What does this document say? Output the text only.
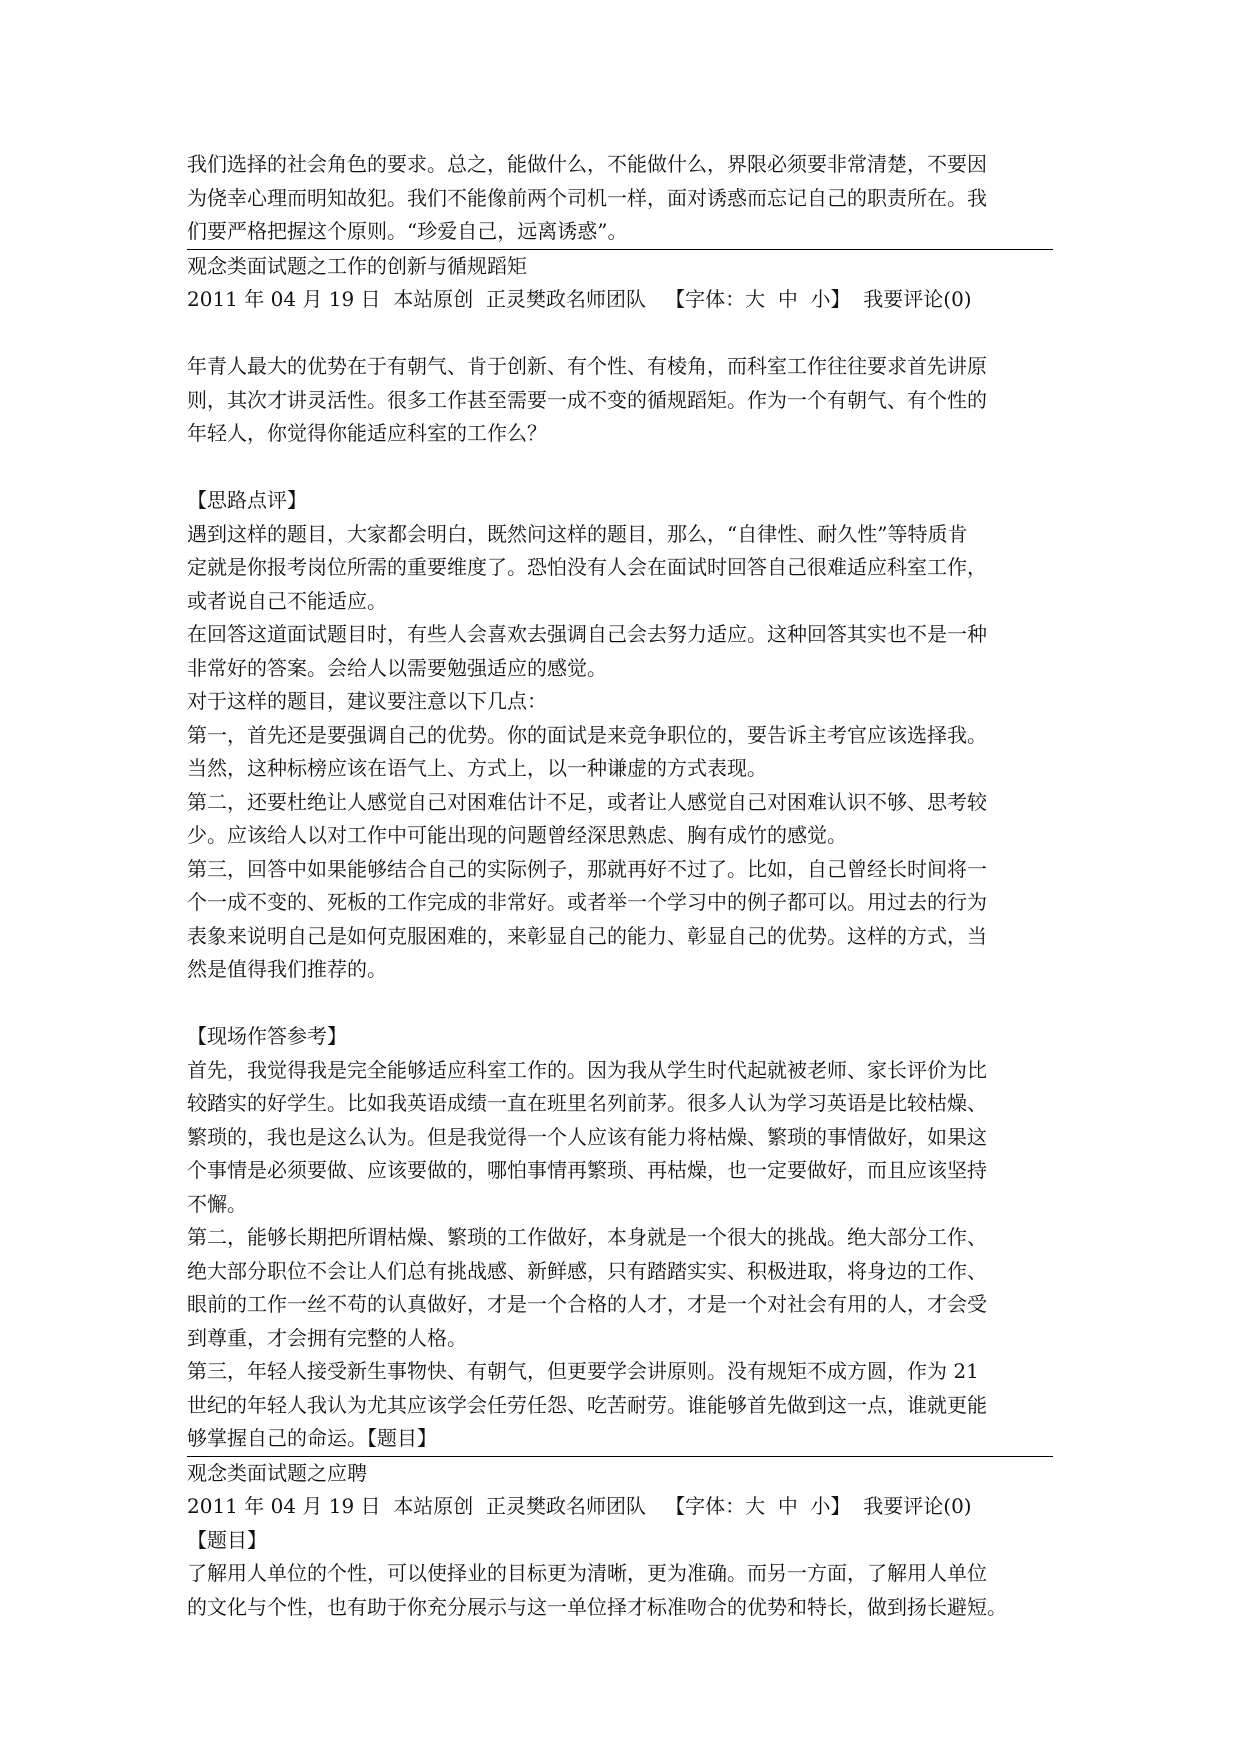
我们选择的社会角色的要求。总之，能做什么，不能做什么，界限必须要非常清楚，不要因
为侥幸心理而明知故犯。我们不能像前两个司机一样，面对诱惑而忘记自己的职责所在。我
们要严格把握这个原则。“珍爱自己，远离诱惑”。
观念类面试题之工作的创新与循规蹈矩
2011 年 04 月 19 日 本站原创 正灵樊政名师团队 【字体：大  中  小】 我要评论(0)
年青人最大的优势在于有朝气、肯于创新、有个性、有棱角，而科室工作往往要求首先讲原
则，其次才讲灵活性。很多工作甚至需要一成不变的循规蹈矩。作为一个有朝气、有个性的
年轻人，你觉得你能适应科室的工作么？
【思路点评】
遇到这样的题目，大家都会明白，既然问这样的题目，那么，“自律性、耐久性”等特质肯
定就是你报考岗位所需的重要维度了。恐怕没有人会在面试时回答自己很难适应科室工作，
或者说自己不能适应。
在回答这道面试题目时，有些人会喜欢去强调自己会去努力适应。这种回答其实也不是一种
非常好的答案。会给人以需要勉强适应的感觉。
对于这样的题目，建议要注意以下几点：
第一，首先还是要强调自己的优势。你的面试是来竞争职位的，要告诉主考官应该选择我。
当然，这种标榜应该在语气上、方式上，以一种谦虚的方式表现。
第二，还要杜绝让人感觉自己对困难估计不足，或者让人感觉自己对困难认识不够、思考较
少。应该给人以对工作中可能出现的问题曾经深思熟虑、胸有成竹的感觉。
第三，回答中如果能够结合自己的实际例子，那就再好不过了。比如，自己曾经长时间将一
个一成不变的、死板的工作完成的非常好。或者举一个学习中的例子都可以。用过去的行为
表象来说明自己是如何克服困难的，来彰显自己的能力、彰显自己的优势。这样的方式，当
然是值得我们推荐的。
【现场作答参考】
首先，我觉得我是完全能够适应科室工作的。因为我从学生时代起就被老师、家长评价为比
较踏实的好学生。比如我英语成绩一直在班里名列前茅。很多人认为学习英语是比较枯燥、
繁琐的，我也是这么认为。但是我觉得一个人应该有能力将枯燥、繁琐的事情做好，如果这
个事情是必须要做、应该要做的，哪怕事情再繁琐、再枯燥，也一定要做好，而且应该坚持
不懈。
第二，能够长期把所谓枯燥、繁琐的工作做好，本身就是一个很大的挑战。绝大部分工作、
绝大部分职位不会让人们总有挑战感、新鲜感，只有踏踏实实、积极进取，将身边的工作、
眼前的工作一丝不苟的认真做好，才是一个合格的人才，才是一个对社会有用的人，才会受
到尊重，才会拥有完整的人格。
第三，年轻人接受新生事物快、有朝气，但更要学会讲原则。没有规矩不成方圆，作为 21
世纪的年轻人我认为尤其应该学会任劳任怨、吃苦耐劳。谁能够首先做到这一点，谁就更能
够掌握自己的命运。【题目】
观念类面试题之应聘
2011 年 04 月 19 日 本站原创 正灵樊政名师团队 【字体：大  中  小】 我要评论(0)
【题目】
了解用人单位的个性，可以使择业的目标更为清晰，更为准确。而另一方面，了解用人单位
的文化与个性，也有助于你充分展示与这一单位择才标准吻合的优势和特长，做到扬长避短。
